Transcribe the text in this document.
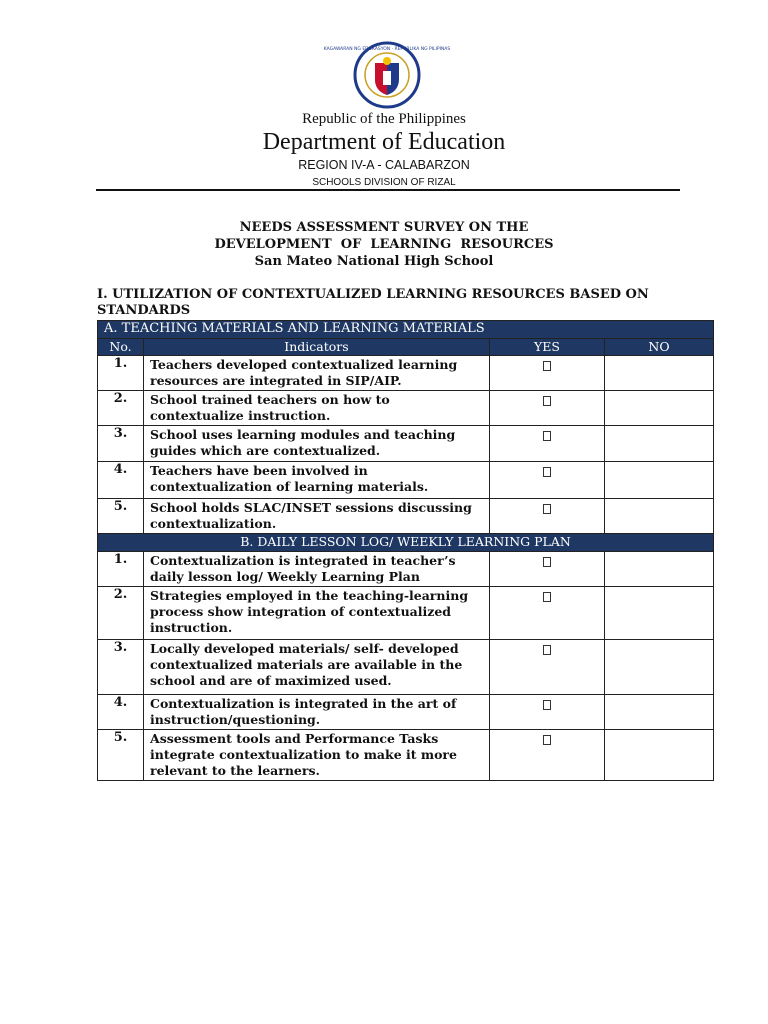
KAGAWARAN NG EDUKASYON · REPUBLIKA NG PILIPINAS
Republic of the Philippines
Department of Education
REGION IV-A - CALABARZON
SCHOOLS DIVISION OF RIZAL
NEEDS ASSESSMENT SURVEY ON THE
DEVELOPMENT  OF  LEARNING  RESOURCES
San Mateo National High School
I. UTILIZATION OF CONTEXTUALIZED LEARNING RESOURCES BASED ON STANDARDS
A. TEACHING MATERIALS AND LEARNING MATERIALS			
No.	Indicators	YES	NO
1.	Teachers developed contextualized learning resources are integrated in SIP/AIP.		
2.	School trained teachers on how to contextualize instruction.		
3.	School uses learning modules and teaching guides which are contextualized.		
4.	Teachers have been involved in contextualization of learning materials.		
5.	School holds SLAC/INSET sessions discussing contextualization.		
B. DAILY LESSON LOG/ WEEKLY LEARNING PLAN			
1.	Contextualization is integrated in teacher’s daily lesson log/ Weekly Learning Plan		
2.	Strategies employed in the teaching-learning process show integration of contextualized instruction.		
3.	Locally developed materials/ self- developed contextualized materials are available in the school and are of maximized used.		
4.	Contextualization is integrated in the art of instruction/questioning.		
5.	Assessment tools and Performance Tasks integrate contextualization to make it more relevant to the learners.		
